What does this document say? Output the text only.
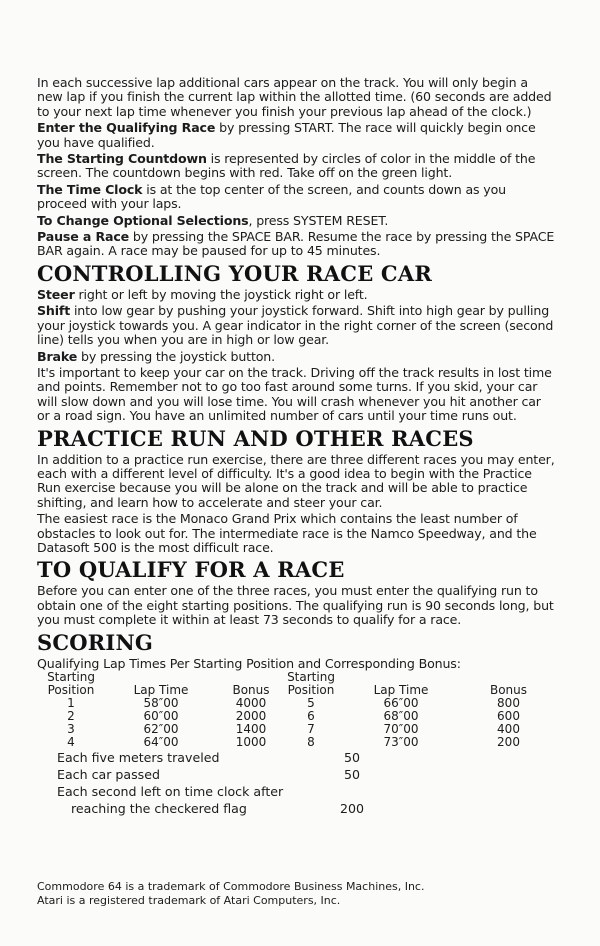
In each successive lap additional cars appear on the track. You will only begin a new lap if you finish the current lap within the allotted time. (60 seconds are added to your next lap time whenever you finish your previous lap ahead of the clock.)

Enter the Qualifying Race by pressing START. The race will quickly begin once you have qualified.

The Starting Countdown is represented by circles of color in the middle of the screen. The countdown begins with red. Take off on the green light.

The Time Clock is at the top center of the screen, and counts down as you proceed with your laps.

To Change Optional Selections, press SYSTEM RESET.

Pause a Race by pressing the SPACE BAR. Resume the race by pressing the SPACE BAR again. A race may be paused for up to 45 minutes.

CONTROLLING YOUR RACE CAR

Steer right or left by moving the joystick right or left.

Shift into low gear by pushing your joystick forward. Shift into high gear by pulling your joystick towards you. A gear indicator in the right corner of the screen (second line) tells you when you are in high or low gear.

Brake by pressing the joystick button.

It's important to keep your car on the track. Driving off the track results in lost time and points. Remember not to go too fast around some turns. If you skid, your car will slow down and you will lose time. You will crash whenever you hit another car or a road sign. You have an unlimited number of cars until your time runs out.

PRACTICE RUN AND OTHER RACES

In addition to a practice run exercise, there are three different races you may enter, each with a different level of difficulty. It's a good idea to begin with the Practice Run exercise because you will be alone on the track and will be able to practice shifting, and learn how to accelerate and steer your car.

The easiest race is the Monaco Grand Prix which contains the least number of obstacles to look out for. The intermediate race is the Namco Speedway, and the Datasoft 500 is the most difficult race.

TO QUALIFY FOR A RACE

Before you can enter one of the three races, you must enter the qualifying run to obtain one of the eight starting positions. The qualifying run is 90 seconds long, but you must complete it within at least 73 seconds to qualify for a race.

SCORING

Qualifying Lap Times Per Starting Position and Corresponding Bonus:

Starting Position	Lap Time	Bonus	Starting Position	Lap Time	Bonus
1	58″00	4000	5	66″00	800
2	60″00	2000	6	68″00	600
3	62″00	1400	7	70″00	400
4	64″00	1000	8	73″00	200
Each five meters traveled	50
Each car passed	50
Each second left on time clock after
reaching the checkered flag	200
Commodore 64 is a trademark of Commodore Business Machines, Inc.
Atari is a registered trademark of Atari Computers, Inc.
